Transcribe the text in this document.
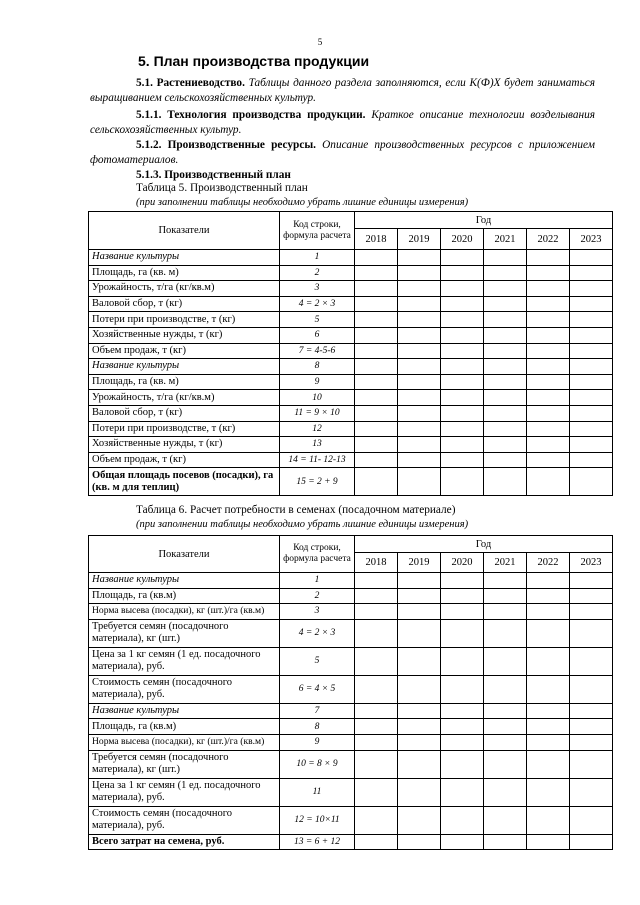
5
5. План производства продукции
5.1. Растениеводство. Таблицы данного раздела заполняются, если К(Ф)Х будет заниматься выращиванием сельскохозяйственных культур.
5.1.1. Технология производства продукции. Краткое описание технологии возделывания сельскохозяйственных культур.
5.1.2. Производственные ресурсы. Описание производственных ресурсов с приложением фотоматериалов.
5.1.3. Производственный план
Таблица 5. Производственный план
(при заполнении таблицы необходимо убрать лишние единицы измерения)
Показатели	Код строки, формула расчета	Год					
		2018	2019	2020	2021	2022	2023
Название культуры	1						
Площадь, га (кв. м)	2						
Урожайность, т/га (кг/кв.м)	3						
Валовой сбор, т (кг)	4 = 2 × 3						
Потери при производстве, т (кг)	5						
Хозяйственные нужды, т (кг)	6						
Объем продаж, т (кг)	7 = 4-5-6						
Название культуры	8						
Площадь, га (кв. м)	9						
Урожайность, т/га (кг/кв.м)	10						
Валовой сбор, т (кг)	11 = 9 × 10						
Потери при производстве, т (кг)	12						
Хозяйственные нужды, т (кг)	13						
Объем продаж, т (кг)	14 = 11- 12-13						
Общая площадь посевов (посадки), га (кв. м для теплиц)	15 = 2 + 9						
Таблица 6. Расчет потребности в семенах (посадочном материале)
(при заполнении таблицы необходимо убрать лишние единицы измерения)
Показатели	Код строки, формула расчета	Год					
		2018	2019	2020	2021	2022	2023
Название культуры	1						
Площадь, га (кв.м)	2						
Норма высева (посадки), кг (шт.)/га (кв.м)	3						
Требуется семян (посадочного материала), кг (шт.)	4 = 2 × 3						
Цена за 1 кг семян (1 ед. посадочного материала), руб.	5						
Стоимость семян (посадочного материала), руб.	6 = 4 × 5						
Название культуры	7						
Площадь, га (кв.м)	8						
Норма высева (посадки), кг (шт.)/га (кв.м)	9						
Требуется семян (посадочного материала), кг (шт.)	10 = 8 × 9						
Цена за 1 кг семян (1 ед. посадочного материала), руб.	11						
Стоимость семян (посадочного материала), руб.	12 = 10×11						
Всего затрат на семена, руб.	13 = 6 + 12						
